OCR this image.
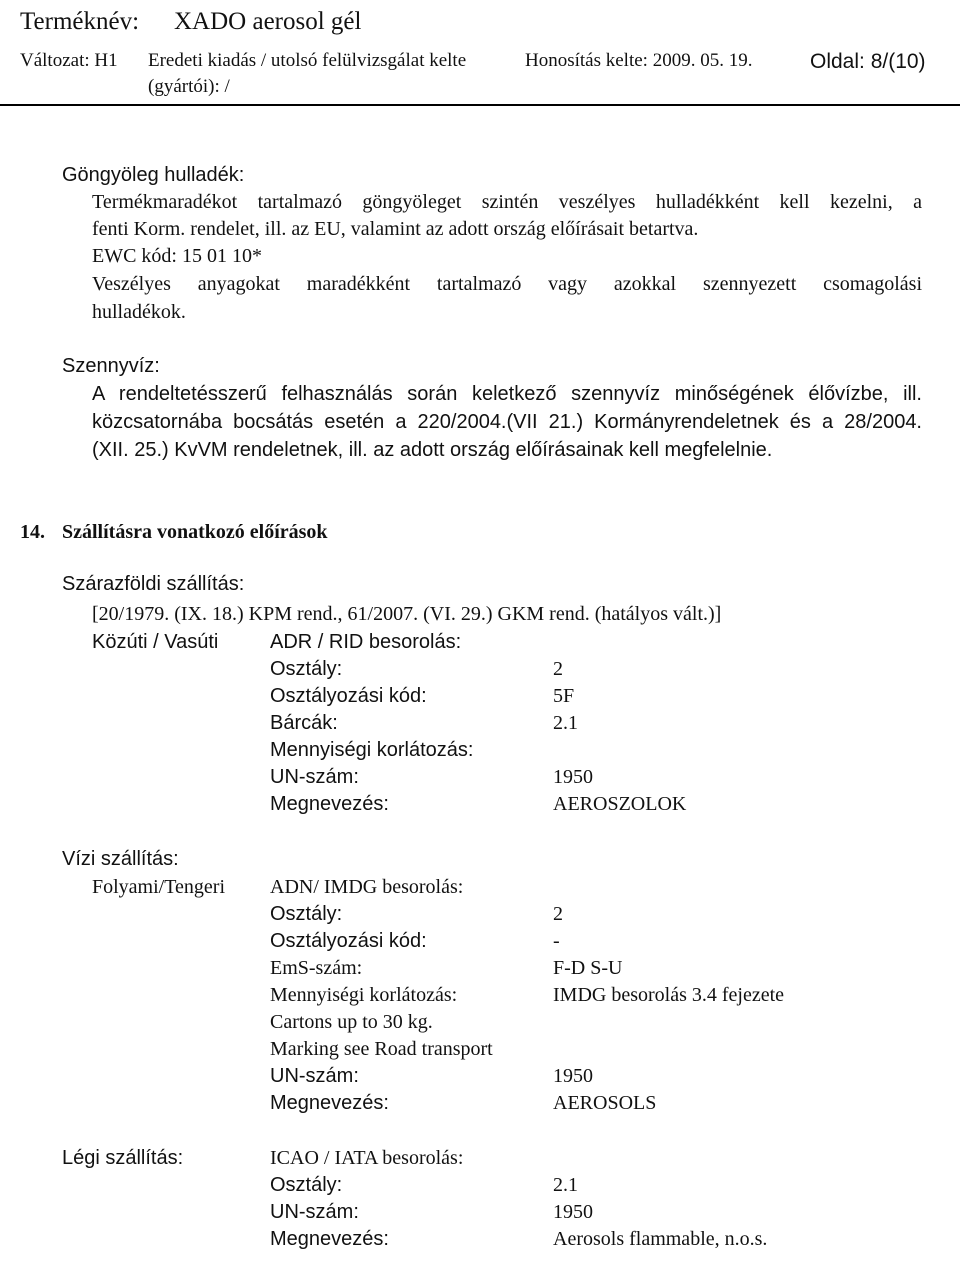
Terméknév: XADO aerosol gél
Változat: H1 Eredeti kiadás / utolsó felülvizsgálat kelte
(gyártói): /
Honosítás kelte: 2009. 05. 19.	Oldal: 8/(10)
Göngyöleg hulladék:
Termékmaradékot tartalmazó göngyöleget szintén veszélyes hulladékként kell kezelni, a
fenti Korm. rendelet, ill. az EU, valamint az adott ország előírásait betartva.
EWC kód: 15 01 10*
Veszélyes anyagokat maradékként tartalmazó vagy azokkal szennyezett csomagolási
hulladékok.
Szennyvíz:
A rendeltetésszerű felhasználás során keletkező szennyvíz minőségének élővízbe, ill.
közcsatornába bocsátás esetén a 220/2004.(VII 21.) Kormányrendeletnek és a 28/2004.
(XII. 25.) KvVM rendeletnek, ill. az adott ország előírásainak kell megfelelnie.
14. Szállításra vonatkozó előírások
Szárazföldi szállítás:
[20/1979. (IX. 18.) KPM rend., 61/2007. (VI. 29.) GKM rend. (hatályos vált.)]
Közúti / Vasúti	ADR / RID besorolás:
Osztály:	2
Osztályozási kód:	5F
Bárcák:	2.1
Mennyiségi korlátozás:
UN-szám:	1950
Megnevezés:	AEROSZOLOK
Vízi szállítás:
Folyami/Tengeri ADN/ IMDG besorolás:
Osztály:	2
Osztályozási kód:	-
EmS-szám:	F-D S-U
Mennyiségi korlátozás:	IMDG besorolás 3.4 fejezete
Cartons up to 30 kg.
Marking see Road transport
UN-szám:	1950
Megnevezés:	AEROSOLS
Légi szállítás:	ICAO / IATA besorolás:
Osztály:	2.1
UN-szám:	1950
Megnevezés:	Aerosols flammable, n.o.s.
